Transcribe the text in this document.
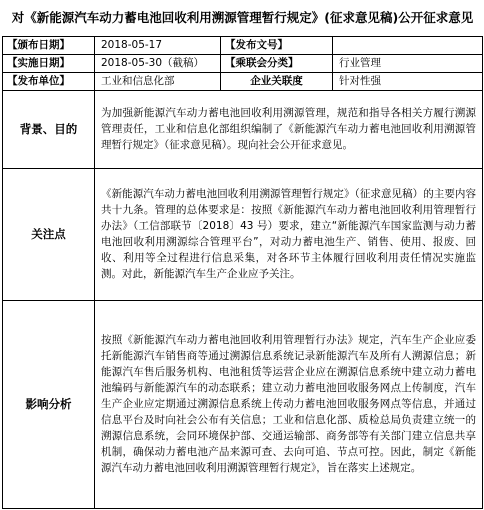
对《新能源汽车动力蓄电池回收利用溯源管理暂行规定》(征求意见稿)公开征求意见			
【颁布日期】	2018-05-17	【发布文号】	
【实施日期】	2018-05-30（截稿）	【乘联会分类】	行业管理
【发布单位】	工业和信息化部	企业关联度	针对性强
背景、目的	为加强新能源汽车动力蓄电池回收利用溯源管理，规范和指导各相关方履行溯源管理责任，工业和信息化部组织编制了《新能源汽车动力蓄电池回收利用溯源管理暂行规定》（征求意见稿）。现向社会公开征求意见。		
关注点	《新能源汽车动力蓄电池回收利用溯源管理暂行规定》（征求意见稿）的主要内容共十九条。管理的总体要求是：按照《新能源汽车动力蓄电池回收利用管理暂行办法》（工信部联节〔2018〕43 号）要求，建立“新能源汽车国家监测与动力蓄电池回收利用溯源综合管理平台”，对动力蓄电池生产、销售、使用、报废、回收、利用等全过程进行信息采集，对各环节主体履行回收利用责任情况实施监测。对此，新能源汽车生产企业应予关注。		
影响分析	按照《新能源汽车动力蓄电池回收利用管理暂行办法》规定，汽车生产企业应委托新能源汽车销售商等通过溯源信息系统记录新能源汽车及所有人溯源信息；新能源汽车售后服务机构、电池租赁等运营企业应在溯源信息系统中建立动力蓄电池编码与新能源汽车的动态联系；建立动力蓄电池回收服务网点上传制度，汽车生产企业应定期通过溯源信息系统上传动力蓄电池回收服务网点等信息，并通过信息平台及时向社会公布有关信息；工业和信息化部、质检总局负责建立统一的溯源信息系统，会同环境保护部、交通运输部、商务部等有关部门建立信息共享机制，确保动力蓄电池产品来源可查、去向可追、节点可控。因此，制定《新能源汽车动力蓄电池回收利用溯源管理暂行规定》，旨在落实上述规定。		
